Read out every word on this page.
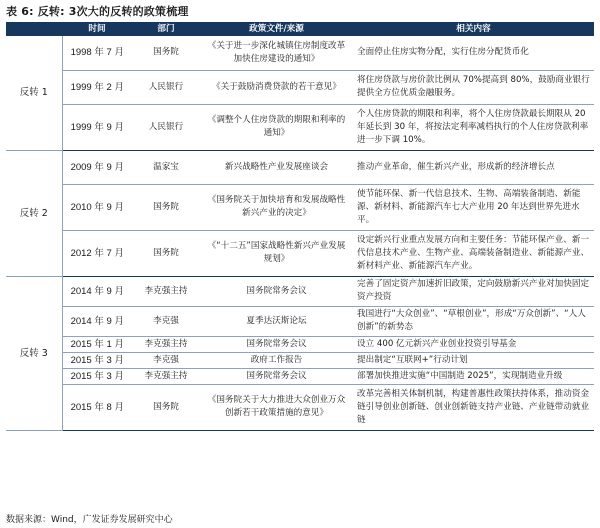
表 6: 反转: 3次大的反转的政策梳理
	时间	部门	政策文件/来源	相关内容
反转 1	1998 年 7 月	国务院	《关于进一步深化城镇住房制度改革加快住房建设的通知》	全面停止住房实物分配，实行住房分配货币化
	1999 年 2 月	人民银行	《关于鼓励消费贷款的若干意见》	将住房贷款与房价款比例从 70%提高到 80%，鼓励商业银行提供全方位优质金融服务。
	1999 年 9 月	人民银行	《调整个人住房贷款的期限和利率的通知》	个人住房贷款的期限和利率，将个人住房贷款最长期限从 20 年延长到 30 年，将按法定利率减档执行的个人住房贷款利率进一步下调 10%。
反转 2	2009 年 9 月	温家宝	新兴战略性产业发展座谈会	推动产业革命，催生新兴产业，形成新的经济增长点
	2010 年 9 月	国务院	《国务院关于加快培育和发展战略性新兴产业的决定》	使节能环保、新一代信息技术、生物、高端装备制造、新能源、新材料、新能源汽车七大产业用 20 年达到世界先进水平。
	2012 年 7 月	国务院	《“十二五”国家战略性新兴产业发展规划》	设定新兴行业重点发展方向和主要任务：节能环保产业、新一代信息技术产业、生物产业、高端装备制造业、新能源产业、新材料产业、新能源汽车产业。
反转 3	2014 年 9 月	李克强主持	国务院常务会议	完善了固定资产加速折旧政策，定向鼓励新兴产业对加快固定资产投资
	2014 年 9 月	李克强	夏季达沃斯论坛	我国进行“大众创业”、“草根创业”，形成“万众创新”、“人人创新”的新势态
	2015 年 1 月	李克强主持	国务院常务会议	设立 400 亿元新兴产业创业投资引导基金
	2015 年 3 月	李克强	政府工作报告	提出制定“互联网+”行动计划
	2015 年 3 月	李克强主持	国务院常务会议	部署加快推进实施“中国制造 2025”，实现制造业升级
	2015 年 8 月	国务院	《国务院关于大力推进大众创业万众创新若干政策措施的意见》	改革完善相关体制机制，构建普惠性政策扶持体系，推动资金链引导创业创新链、创业创新链支持产业链、产业链带动就业链
数据来源：Wind，广发证券发展研究中心
